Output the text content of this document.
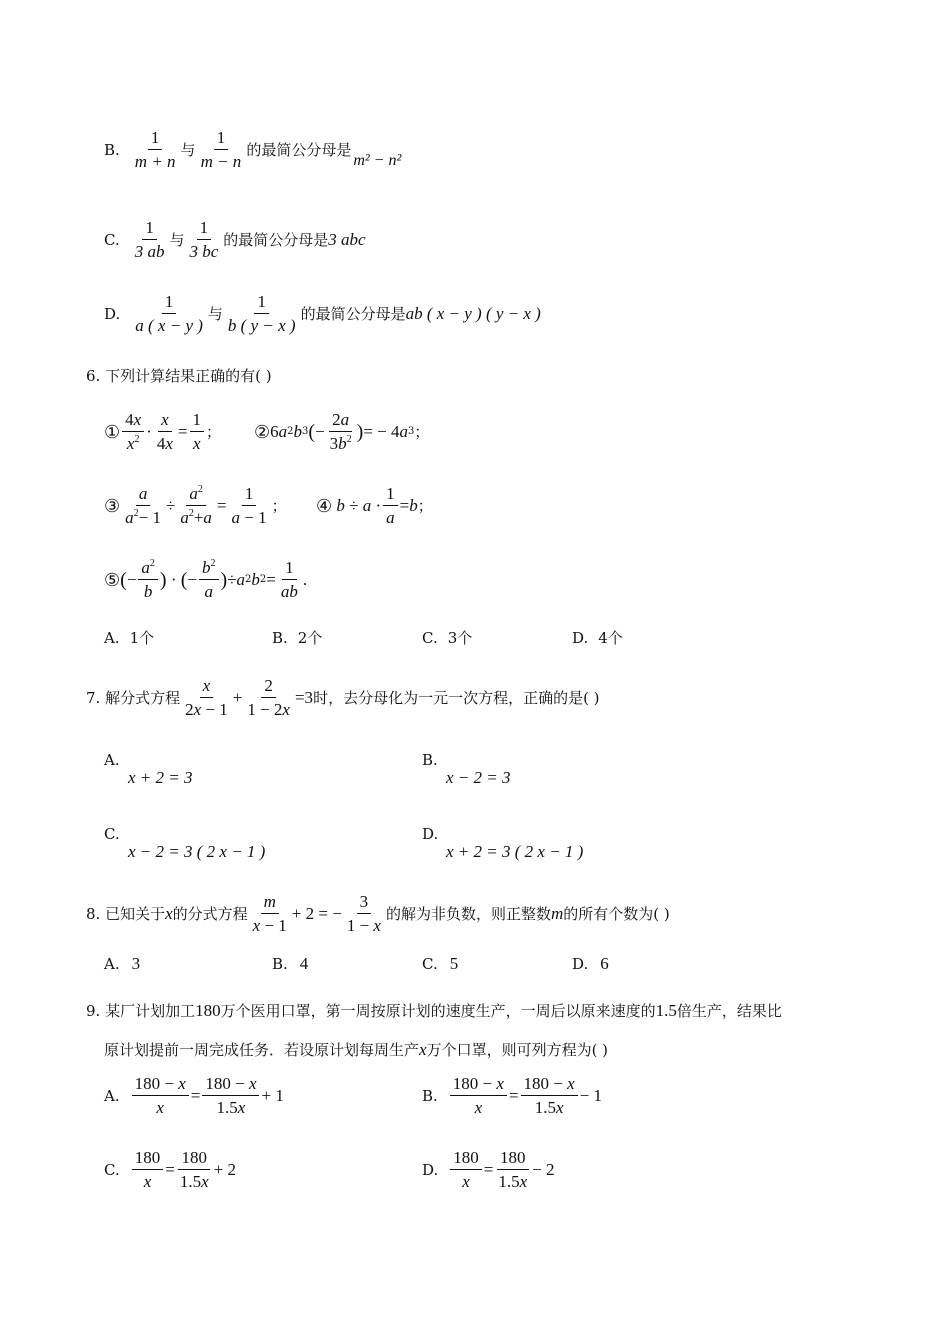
B. $\frac{1}{m + n}$ 与 $\frac{1}{m - n}$ 的最简公分母是
m² − n²
C. $\frac{1}{3 ab}$ 与 $\frac{1}{3 bc}$ 的最简公分母是 3 abc
D. $\frac{1}{a ( x - y )}$ 与 $\frac{1}{b ( y - x )}$ 的最简公分母是 ab ( x − y ) ( y − x )
6. 下列计算结果正确的有( )
① $\frac{4x}{x^2} \cdot \frac{x}{4x} = \frac{1}{x}$ ； ② 6 a 2 b 3 ( − $\frac{2a}{3b^2}$ ) = − 4 a 3 ；
③ $\frac{a}{a^2- 1} \div \frac{a^2}{a^2+a} = \frac{1}{a - 1}$ ； ④ $b \div a \cdot \frac{1}{a} = b$ ；
⑤ ( − $\frac{a^2}{b}$ ) · ( − $\frac{b^2}{a}$ ) ÷ a 2 b $2 = \frac{1}{ab}$ .
A. 1个	B. 2个	C. 3个	D. 4个
7. 解分式方程 $\frac{x}{2x - 1} + \frac{2}{1 - 2x} =3$ 时，去分母化为一元一次方程，正确的是( )
A.
x + 2 = 3
B.
x − 2 = 3
C.
x − 2 = 3 ( 2 x − 1 )
D.
x + 2 = 3 ( 2 x − 1 )
8. 已知关于 x 的分式方程 $\frac{m}{x - 1} + 2$ = − $\frac{3}{1 - x}$ 的解为非负数，则正整数 m 的所有个数为( )
A. 3	B. 4	C. 5	D. 6
9. 某厂计划加工 180 万个医用口罩，第一周按原计划的速度生产，一周后以原来速度的 1.5 倍生产，结果比
原计划提前一周完成任务．若设原计划每周生产 x 万个口罩，则可列方程为( )
A. $\frac{180 - x}{x} = \frac{180 - x}{1.5x} + 1$	B. $\frac{180 - x}{x} = \frac{180 - x}{1.5x} - 1$
C. $\frac{180}{x} = \frac{180}{1.5x} + 2$	D. $\frac{180}{x} = \frac{180}{1.5x} - 2$
